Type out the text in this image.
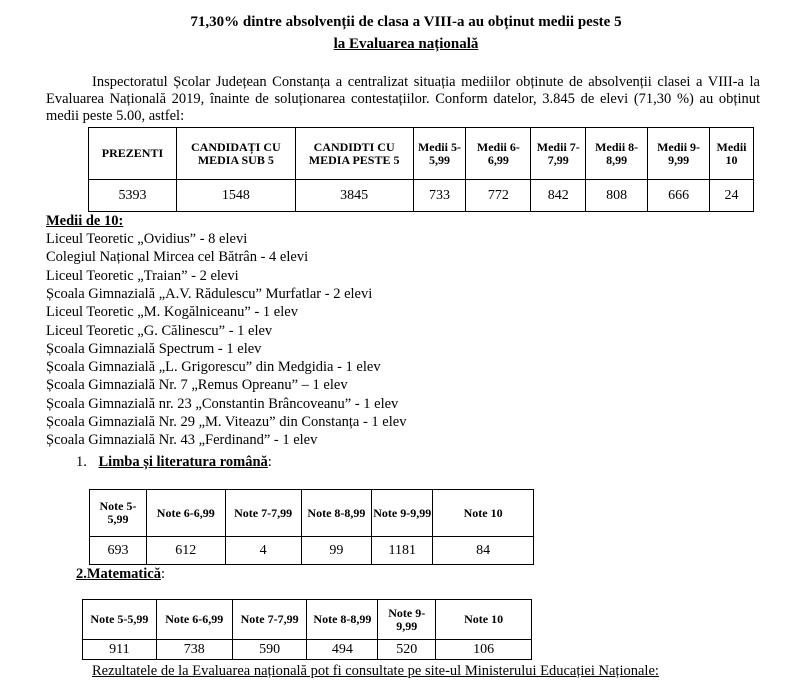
71,30% dintre absolvenții de clasa a VIII-a au obținut medii peste 5
la Evaluarea națională
Inspectoratul Școlar Județean Constanța a centralizat situația mediilor obținute de absolvenții clasei a VIII-a la Evaluarea Națională 2019, înainte de soluționarea contestațiilor. Conform datelor, 3.845 de elevi (71,30 %) au obținut medii peste 5.00, astfel:
PREZENTI	CANDIDAȚI CU MEDIA SUB 5	CANDIDTI CU MEDIA PESTE 5	Medii 5-5,99	Medii 6-6,99	Medii 7-7,99	Medii 8-8,99	Medii 9-9,99	Medii 10
5393	1548	3845	733	772	842	808	666	24
Medii de 10:
Liceul Teoretic „Ovidius” - 8 elevi
Colegiul Național Mircea cel Bătrân - 4 elevi
Liceul Teoretic „Traian” - 2 elevi
Școala Gimnazială „A.V. Rădulescu” Murfatlar - 2 elevi
Liceul Teoretic „M. Kogălniceanu” - 1 elev
Liceul Teoretic „G. Călinescu” - 1 elev
Școala Gimnazială Spectrum - 1 elev
Școala Gimnazială „L. Grigorescu” din Medgidia - 1 elev
Școala Gimnazială Nr. 7 „Remus Opreanu” – 1 elev
Școala Gimnazială nr. 23 „Constantin Brâncoveanu” - 1 elev
Școala Gimnazială Nr. 29 „M. Viteazu” din Constanța - 1 elev
Școala Gimnazială Nr. 43 „Ferdinand” - 1 elev
1. Limba și literatura română:
Note 5-5,99	Note 6-6,99	Note 7-7,99	Note 8-8,99	Note 9-9,99	Note 10
693	612	4	99	1181	84
2.Matematică:
Note 5-5,99	Note 6-6,99	Note 7-7,99	Note 8-8,99	Note 9-9,99	Note 10
911	738	590	494	520	106
Rezultatele de la Evaluarea națională pot fi consultate pe site-ul Ministerului Educației Naționale:
